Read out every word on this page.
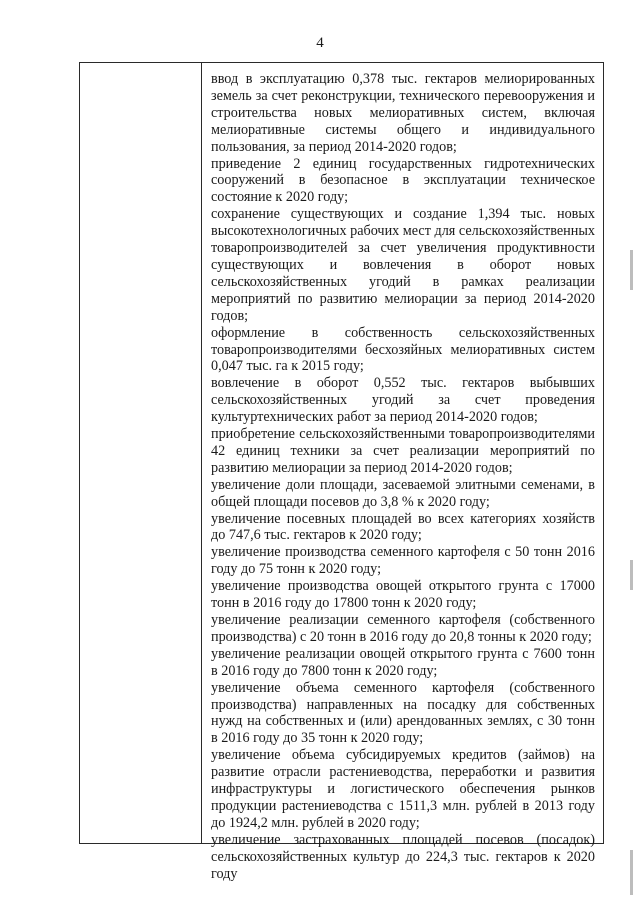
4

ввод в эксплуатацию 0,378 тыс. гектаров мелиорированных земель за счет реконструкции, технического перевооружения и строительства новых мелиоративных систем, включая мелиоративные системы общего и индивидуального пользования, за период 2014-2020 годов;

приведение 2 единиц государственных гидротехнических сооружений в безопасное в эксплуатации техническое состояние к 2020 году;

сохранение существующих и создание 1,394 тыс. новых высокотехнологичных рабочих мест для сельскохозяйственных товаропроизводителей за счет увеличения продуктивности существующих и вовлечения в оборот новых сельскохозяйственных угодий в рамках реализации мероприятий по развитию мелиорации за период 2014-2020 годов;

оформление в собственность сельскохозяйственных товаропроизводителями бесхозяйных мелиоративных систем 0,047 тыс. га к 2015 году;

вовлечение в оборот 0,552 тыс. гектаров выбывших сельскохозяйственных угодий за счет проведения культуртехнических работ за период 2014-2020 годов;

приобретение сельскохозяйственными товаропроизводителями 42 единиц техники за счет реализации мероприятий по развитию мелиорации за период 2014-2020 годов;

увеличение доли площади, засеваемой элитными семенами, в общей площади посевов до 3,8 % к 2020 году;

увеличение посевных площадей во всех категориях хозяйств до 747,6 тыс. гектаров к 2020 году;

увеличение производства семенного картофеля с 50 тонн 2016 году до 75 тонн к 2020 году;

увеличение производства овощей открытого грунта с 17000 тонн в 2016 году до 17800 тонн к 2020 году;

увеличение реализации семенного картофеля (собственного производства) с 20 тонн в 2016 году до 20,8 тонны к 2020 году;

увеличение реализации овощей открытого грунта с 7600 тонн в 2016 году до 7800 тонн к 2020 году;

увеличение объема семенного картофеля (собственного производства) направленных на посадку для собственных нужд на собственных и (или) арендованных землях, с 30 тонн в 2016 году до 35 тонн к 2020 году;

увеличение объема субсидируемых кредитов (займов) на развитие отрасли растениеводства, переработки и развития инфраструктуры и логистического обеспечения рынков продукции растениеводства с 1511,3 млн. рублей в 2013 году до 1924,2 млн. рублей в 2020 году;

увеличение застрахованных площадей посевов (посадок) сельскохозяйственных культур до 224,3 тыс. гектаров к 2020 году
